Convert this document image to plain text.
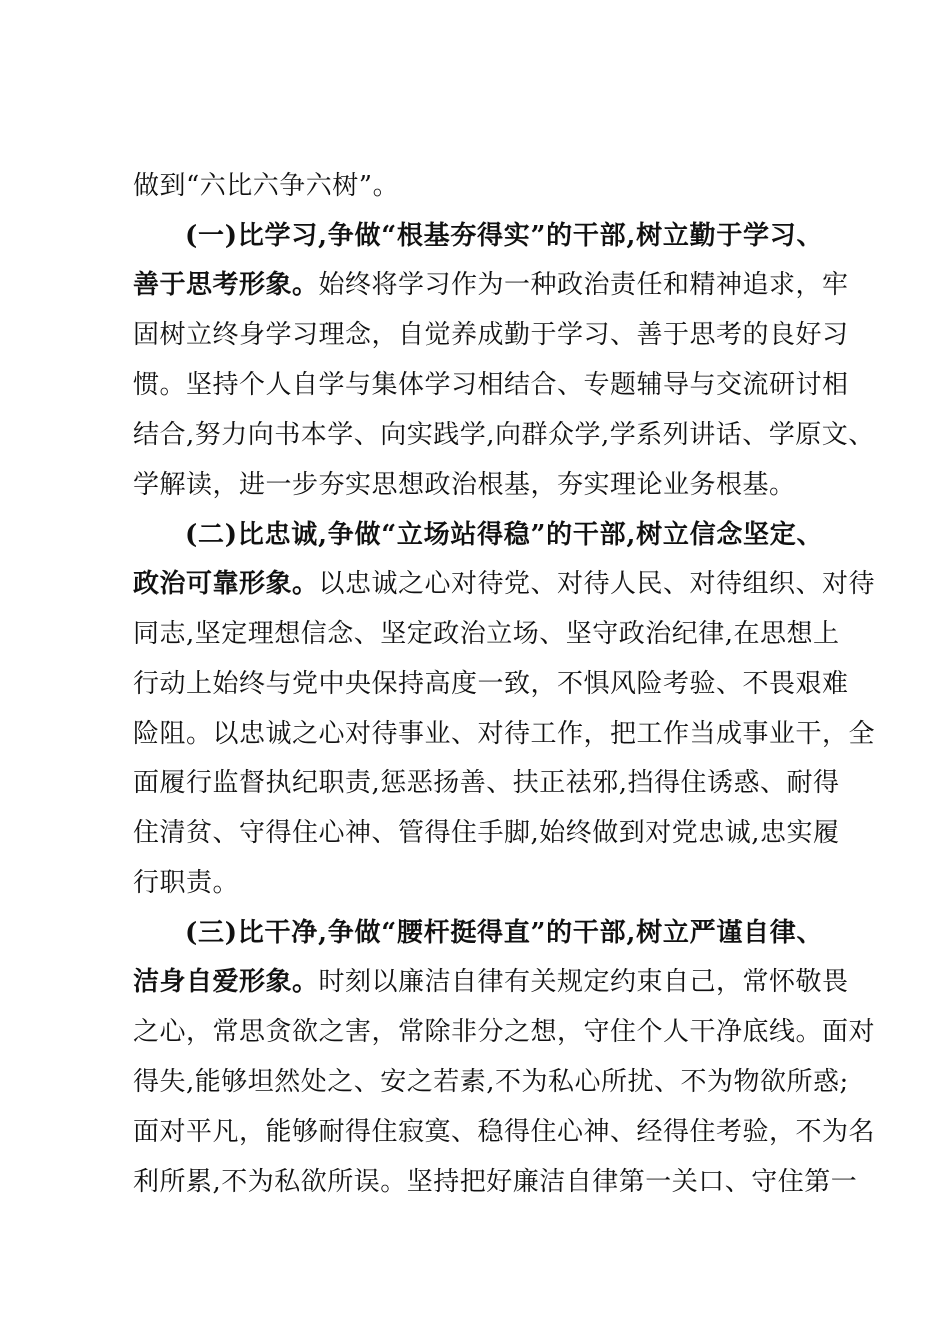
做到“六比六争六树”。
(一)比学习,争做“根基夯得实”的干部,树立勤于学习、
善于思考形象。始终将学习作为一种政治责任和精神追求，牢
固树立终身学习理念，自觉养成勤于学习、善于思考的良好习
惯。坚持个人自学与集体学习相结合、专题辅导与交流研讨相
结合,努力向书本学、向实践学,向群众学,学系列讲话、学原文、
学解读，进一步夯实思想政治根基，夯实理论业务根基。
(二)比忠诚,争做“立场站得稳”的干部,树立信念坚定、
政治可靠形象。以忠诚之心对待党、对待人民、对待组织、对待
同志,坚定理想信念、坚定政治立场、坚守政治纪律,在思想上
行动上始终与党中央保持高度一致，不惧风险考验、不畏艰难
险阻。以忠诚之心对待事业、对待工作，把工作当成事业干，全
面履行监督执纪职责,惩恶扬善、扶正祛邪,挡得住诱惑、耐得
住清贫、守得住心神、管得住手脚,始终做到对党忠诚,忠实履
行职责。
(三)比干净,争做“腰杆挺得直”的干部,树立严谨自律、
洁身自爱形象。时刻以廉洁自律有关规定约束自己，常怀敬畏
之心，常思贪欲之害，常除非分之想，守住个人干净底线。面对
得失,能够坦然处之、安之若素,不为私心所扰、不为物欲所惑;
面对平凡，能够耐得住寂寞、稳得住心神、经得住考验，不为名
利所累,不为私欲所误。坚持把好廉洁自律第一关口、守住第一
